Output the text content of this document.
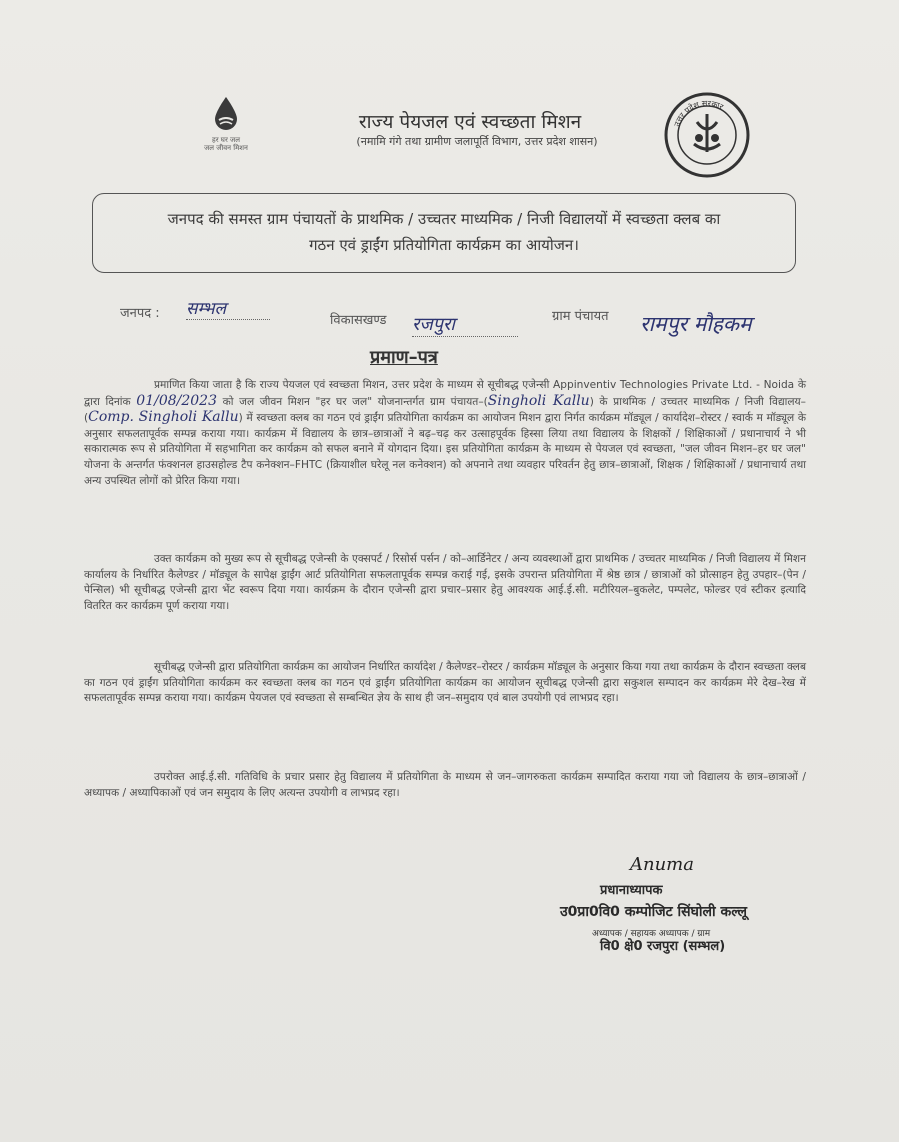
हर घर जल
जल जीवन मिशन
राज्य पेयजल एवं स्वच्छता मिशन
(नमामि गंगे तथा ग्रामीण जलापूर्ति विभाग, उत्तर प्रदेश शासन)
उत्तर प्रदेश सरकार
जनपद की समस्त ग्राम पंचायतों के प्राथमिक / उच्चतर माध्यमिक / निजी विद्यालयों में स्वच्छता क्लब का
गठन एवं ड्राईंग प्रतियोगिता कार्यक्रम का आयोजन।
जनपद : सम्भल
विकासखण्ड रजपुरा	ग्राम पंचायत रामपुर मौहकम
प्रमाण–पत्र
प्रमाणित किया जाता है कि राज्य पेयजल एवं स्वच्छता मिशन, उत्तर प्रदेश के माध्यम से सूचीबद्ध एजेन्सी Appinventiv Technologies Private Ltd. - Noida के द्वारा दिनांक 01/08/2023 को जल जीवन मिशन "हर घर जल" योजनान्तर्गत ग्राम पंचायत–(Singholi Kallu) के प्राथमिक / उच्चतर माध्यमिक / निजी विद्यालय–(Comp. Singholi Kallu) में स्वच्छता क्लब का गठन एवं ड्राईंग प्रतियोगिता कार्यक्रम का आयोजन मिशन द्वारा निर्गत कार्यक्रम मॉड्यूल / कार्यादेश–रोस्टर / स्वार्क म मॉड्यूल के अनुसार सफलतापूर्वक सम्पन्न कराया गया। कार्यक्रम में विद्यालय के छात्र–छात्राओं ने बढ़–चढ़ कर उत्साहपूर्वक हिस्सा लिया तथा विद्यालय के शिक्षकों / शिक्षिकाओं / प्रधानाचार्य ने भी सकारात्मक रूप से प्रतियोगिता में सहभागिता कर कार्यक्रम को सफल बनाने में योगदान दिया। इस प्रतियोगिता कार्यक्रम के माध्यम से पेयजल एवं स्वच्छता, "जल जीवन मिशन–हर घर जल" योजना के अन्तर्गत फंक्शनल हाउसहोल्ड टैप कनेक्शन–FHTC (क्रियाशील घरेलू नल कनेक्शन) को अपनाने तथा व्यवहार परिवर्तन हेतु छात्र–छात्राओं, शिक्षक / शिक्षिकाओं / प्रधानाचार्य तथा अन्य उपस्थित लोगों को प्रेरित किया गया।
उक्त कार्यक्रम को मुख्य रूप से सूचीबद्ध एजेन्सी के एक्सपर्ट / रिसोर्स पर्सन / को–आर्डिनेटर / अन्य व्यवस्थाओं द्वारा प्राथमिक / उच्चतर माध्यमिक / निजी विद्यालय में मिशन कार्यालय के निर्धारित कैलेण्डर / मॉड्यूल के सापेक्ष ड्राईंग आर्ट प्रतियोगिता सफलतापूर्वक सम्पन्न कराई गई, इसके उपरान्त प्रतियोगिता में श्रेष्ठ छात्र / छात्राओं को प्रोत्साहन हेतु उपहार–(पेन / पेन्सिल) भी सूचीबद्ध एजेन्सी द्वारा भेंट स्वरूप दिया गया। कार्यक्रम के दौरान एजेन्सी द्वारा प्रचार–प्रसार हेतु आवश्यक आई.ई.सी. मटीरियल–बुकलेट, पम्पलेट, फोल्डर एवं स्टीकर इत्यादि वितरित कर कार्यक्रम पूर्ण कराया गया।
सूचीबद्ध एजेन्सी द्वारा प्रतियोगिता कार्यक्रम का आयोजन निर्धारित कार्यादेश / कैलेण्डर–रोस्टर / कार्यक्रम मॉड्यूल के अनुसार किया गया तथा कार्यक्रम के दौरान स्वच्छता क्लब का गठन एवं ड्राईंग प्रतियोगिता कार्यक्रम कर स्वच्छता क्लब का गठन एवं ड्राईंग प्रतियोगिता कार्यक्रम का आयोजन सूचीबद्ध एजेन्सी द्वारा सकुशल सम्पादन कर कार्यक्रम मेरे देख–रेख में सफलतापूर्वक सम्पन्न कराया गया। कार्यक्रम पेयजल एवं स्वच्छता से सम्बन्धित ज्ञेय के साथ ही जन–समुदाय एवं बाल उपयोगी एवं लाभप्रद रहा।
उपरोक्त आई.ई.सी. गतिविधि के प्रचार प्रसार हेतु विद्यालय में प्रतियोगिता के माध्यम से जन–जागरुकता कार्यक्रम सम्पादित कराया गया जो विद्यालय के छात्र–छात्राओं / अध्यापक / अध्यापिकाओं एवं जन समुदाय के लिए अत्यन्त उपयोगी व लाभप्रद रहा।
Anuma
प्रधानाध्यापक
उ0प्रा0वि0 कम्पोजिट सिंघोली कल्लू
अध्यापक / सहायक अध्यापक / ग्राम
वि0 क्षे0 रजपुरा (सम्भल)
